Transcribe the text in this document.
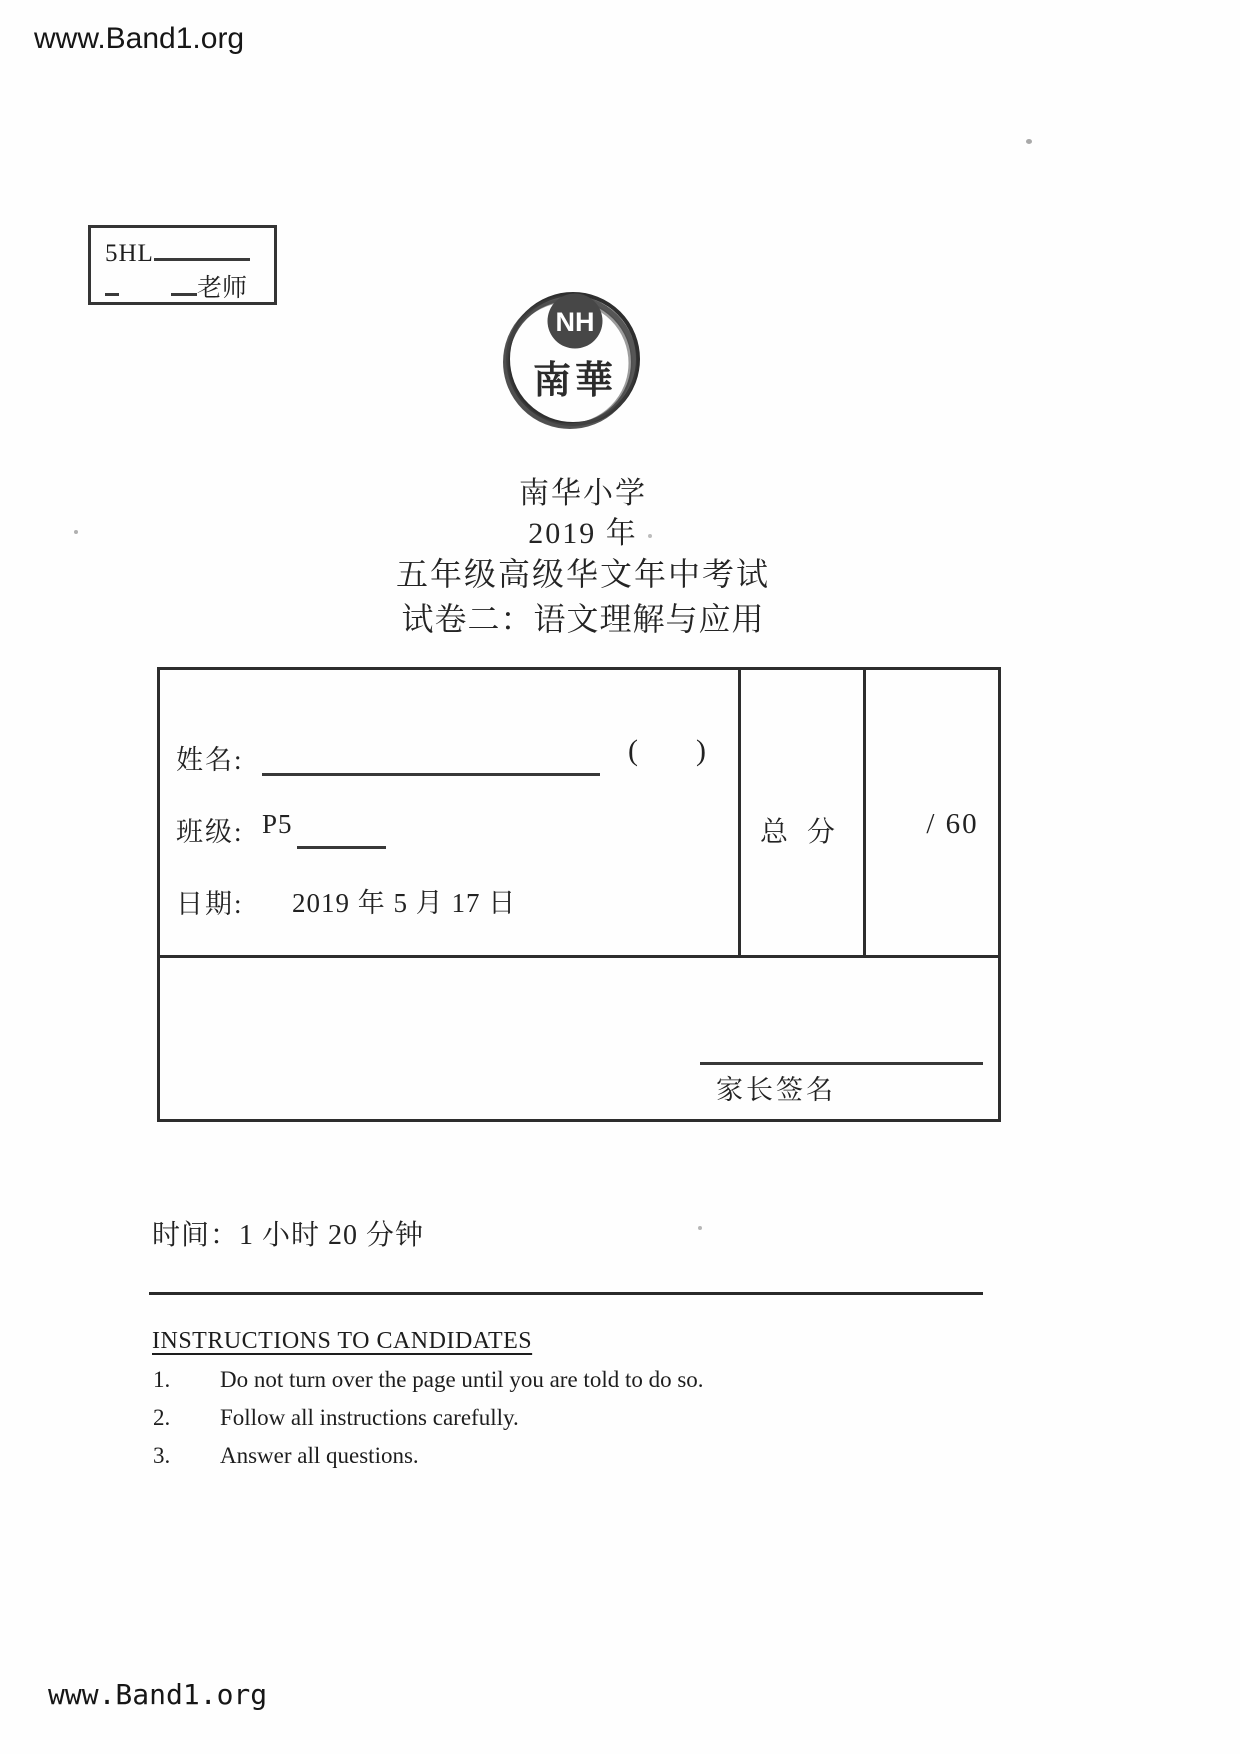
www.Band1.org
5HL
老师
NH
南華
南华小学
2019 年
五年级高级华文年中考试
试卷二：语文理解与应用
姓名:	( )
班级: P5
日期: 2019 年 5 月 17 日
总 分	/ 60
家长签名
时间：1 小时 20 分钟
INSTRUCTIONS TO CANDIDATES
1. Do not turn over the page until you are told to do so.
2. Follow all instructions carefully.
3. Answer all questions.
www.Band1.org
